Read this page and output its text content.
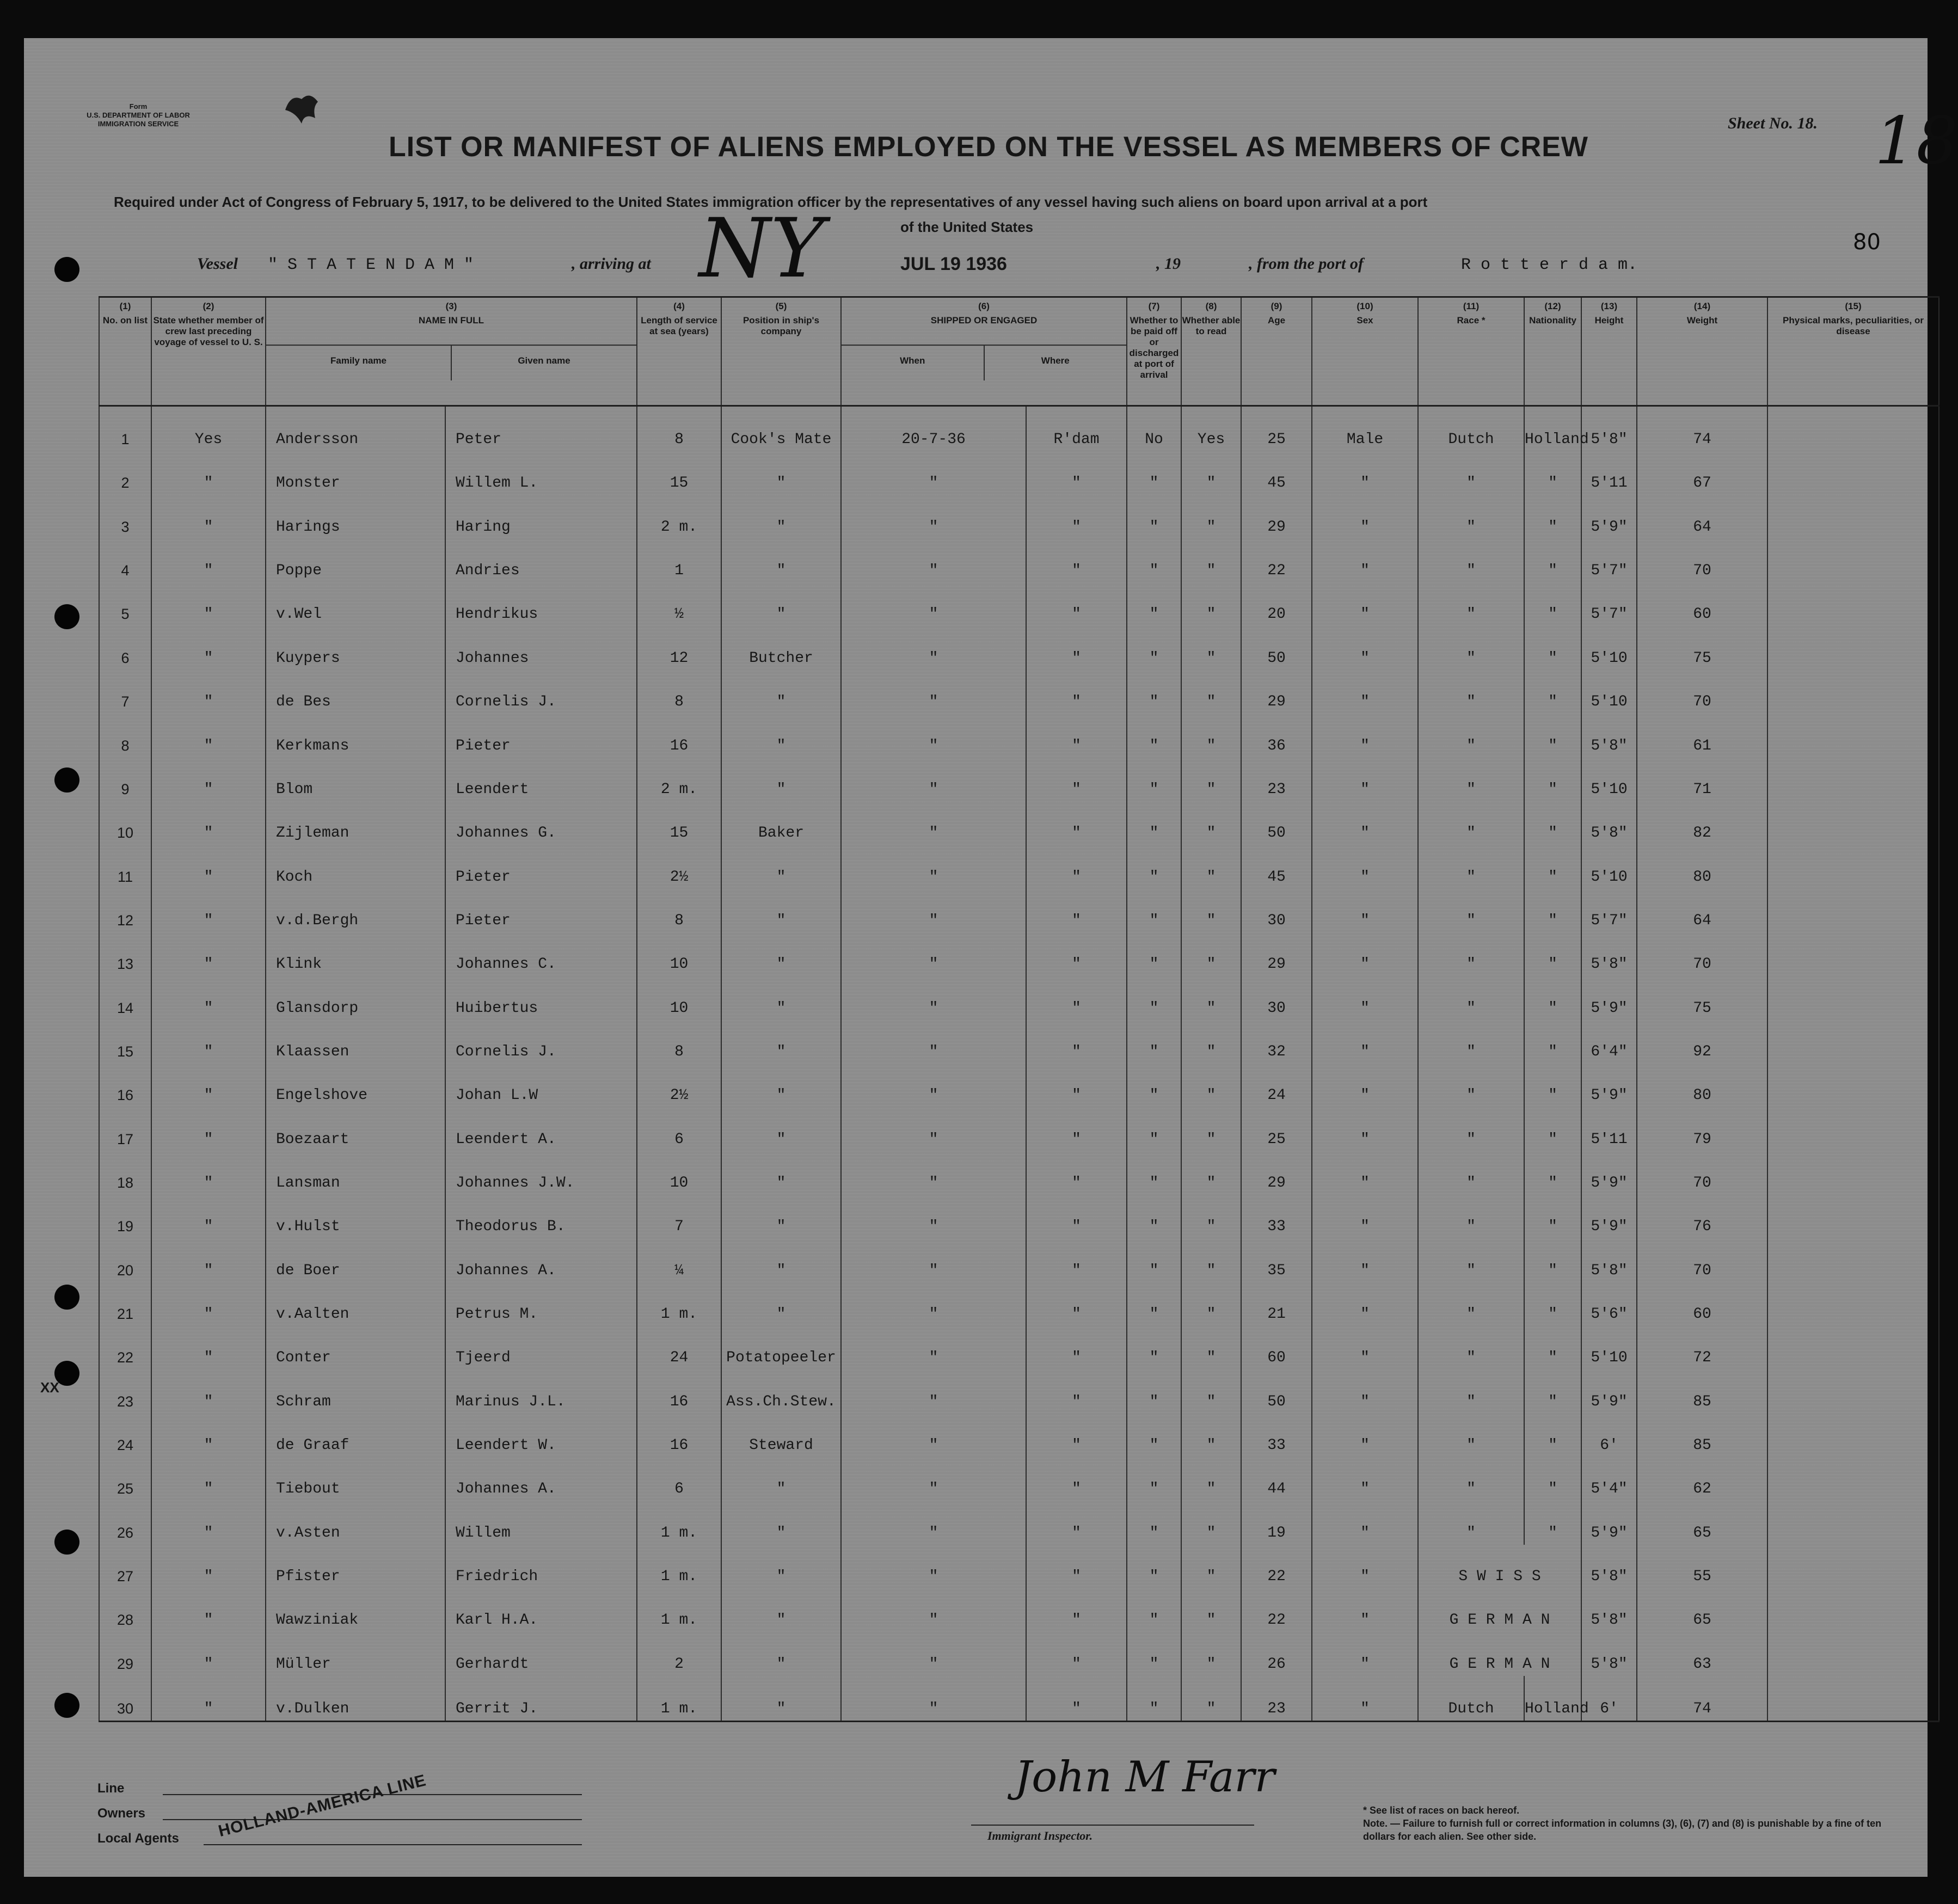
Form
U.S. DEPARTMENT OF LABOR
IMMIGRATION SERVICE	Sheet No. 18. 18
80
LIST OR MANIFEST OF ALIENS EMPLOYED ON THE VESSEL AS MEMBERS OF CREW
Required under Act of Congress of February 5, 1917, to be delivered to the United States immigration officer by the representatives of any vessel having such aliens on board upon arrival at a port
of the United States
Vessel " S T A T E N D A M "	, arriving at NY	JUL 19 1936	, 19	, from the port of	R o t t e r d a m.
XX
(1)
No. on list	(2)
State whether member of crew last preceding voyage of vessel to U. S.	(3)
NAME IN FULL
Family name Given name		(4)
Length of service at sea (years)	(5)
Position in ship's company	(6)
SHIPPED OR ENGAGED
When Where		(7)
Whether to be paid off or discharged at port of arrival	(8)
Whether able to read	(9)
Age	(10)
Sex	(11)
Race *	(12)
Nationality	(13)
Height	(14)
Weight	(15)
Physical marks, peculiarities, or disease	
1	Yes	Andersson	Peter	8	Cook's Mate	20-7-36	R'dam	No	Yes	25	Male	Dutch	Holland	5'8"	74		
2	"	Monster	Willem L.	15	"	"	"	"	"	45	"	"	"	5'11	67		
3	"	Harings	Haring	2 m.	"	"	"	"	"	29	"	"	"	5'9"	64		
4	"	Poppe	Andries	1	"	"	"	"	"	22	"	"	"	5'7"	70		
5	"	v.Wel	Hendrikus	½	"	"	"	"	"	20	"	"	"	5'7"	60		
6	"	Kuypers	Johannes	12	Butcher	"	"	"	"	50	"	"	"	5'10	75		
7	"	de Bes	Cornelis J.	8	"	"	"	"	"	29	"	"	"	5'10	70		
8	"	Kerkmans	Pieter	16	"	"	"	"	"	36	"	"	"	5'8"	61		
9	"	Blom	Leendert	2 m.	"	"	"	"	"	23	"	"	"	5'10	71		
10	"	Zijleman	Johannes G.	15	Baker	"	"	"	"	50	"	"	"	5'8"	82		
11	"	Koch	Pieter	2½	"	"	"	"	"	45	"	"	"	5'10	80		
12	"	v.d.Bergh	Pieter	8	"	"	"	"	"	30	"	"	"	5'7"	64		
13	"	Klink	Johannes C.	10	"	"	"	"	"	29	"	"	"	5'8"	70		
14	"	Glansdorp	Huibertus	10	"	"	"	"	"	30	"	"	"	5'9"	75		
15	"	Klaassen	Cornelis J.	8	"	"	"	"	"	32	"	"	"	6'4"	92		
16	"	Engelshove	Johan L.W	2½	"	"	"	"	"	24	"	"	"	5'9"	80		
17	"	Boezaart	Leendert A.	6	"	"	"	"	"	25	"	"	"	5'11	79		
18	"	Lansman	Johannes J.W.	10	"	"	"	"	"	29	"	"	"	5'9"	70		
19	"	v.Hulst	Theodorus B.	7	"	"	"	"	"	33	"	"	"	5'9"	76		
20	"	de Boer	Johannes A.	¼	"	"	"	"	"	35	"	"	"	5'8"	70		
21	"	v.Aalten	Petrus M.	1 m.	"	"	"	"	"	21	"	"	"	5'6"	60		
22	"	Conter	Tjeerd	24	Potatopeeler	"	"	"	"	60	"	"	"	5'10	72		
23	"	Schram	Marinus J.L.	16	Ass.Ch.Stew.	"	"	"	"	50	"	"	"	5'9"	85		
24	"	de Graaf	Leendert W.	16	Steward	"	"	"	"	33	"	"	"	6'	85		
25	"	Tiebout	Johannes A.	6	"	"	"	"	"	44	"	"	"	5'4"	62		
26	"	v.Asten	Willem	1 m.	"	"	"	"	"	19	"	"	"	5'9"	65		
27	"	Pfister	Friedrich	1 m.	"	"	"	"	"	22	"	S W I S S		5'8"	55		
28	"	Wawziniak	Karl H.A.	1 m.	"	"	"	"	"	22	"	G E R M A N		5'8"	65		
29	"	Müller	Gerhardt	2	"	"	"	"	"	26	"	G E R M A N		5'8"	63		
30	"	v.Dulken	Gerrit J.	1 m.	"	"	"	"	"	23	"	Dutch	Holland	6'	74		
Line
Owners
Local Agents HOLLAND-AMERICA LINE	John M Farr
Immigrant Inspector.
* See list of races on back hereof.
Note. — Failure to furnish full or correct information in columns (3), (6), (7) and (8) is punishable by a fine of ten dollars for each alien. See other side.
